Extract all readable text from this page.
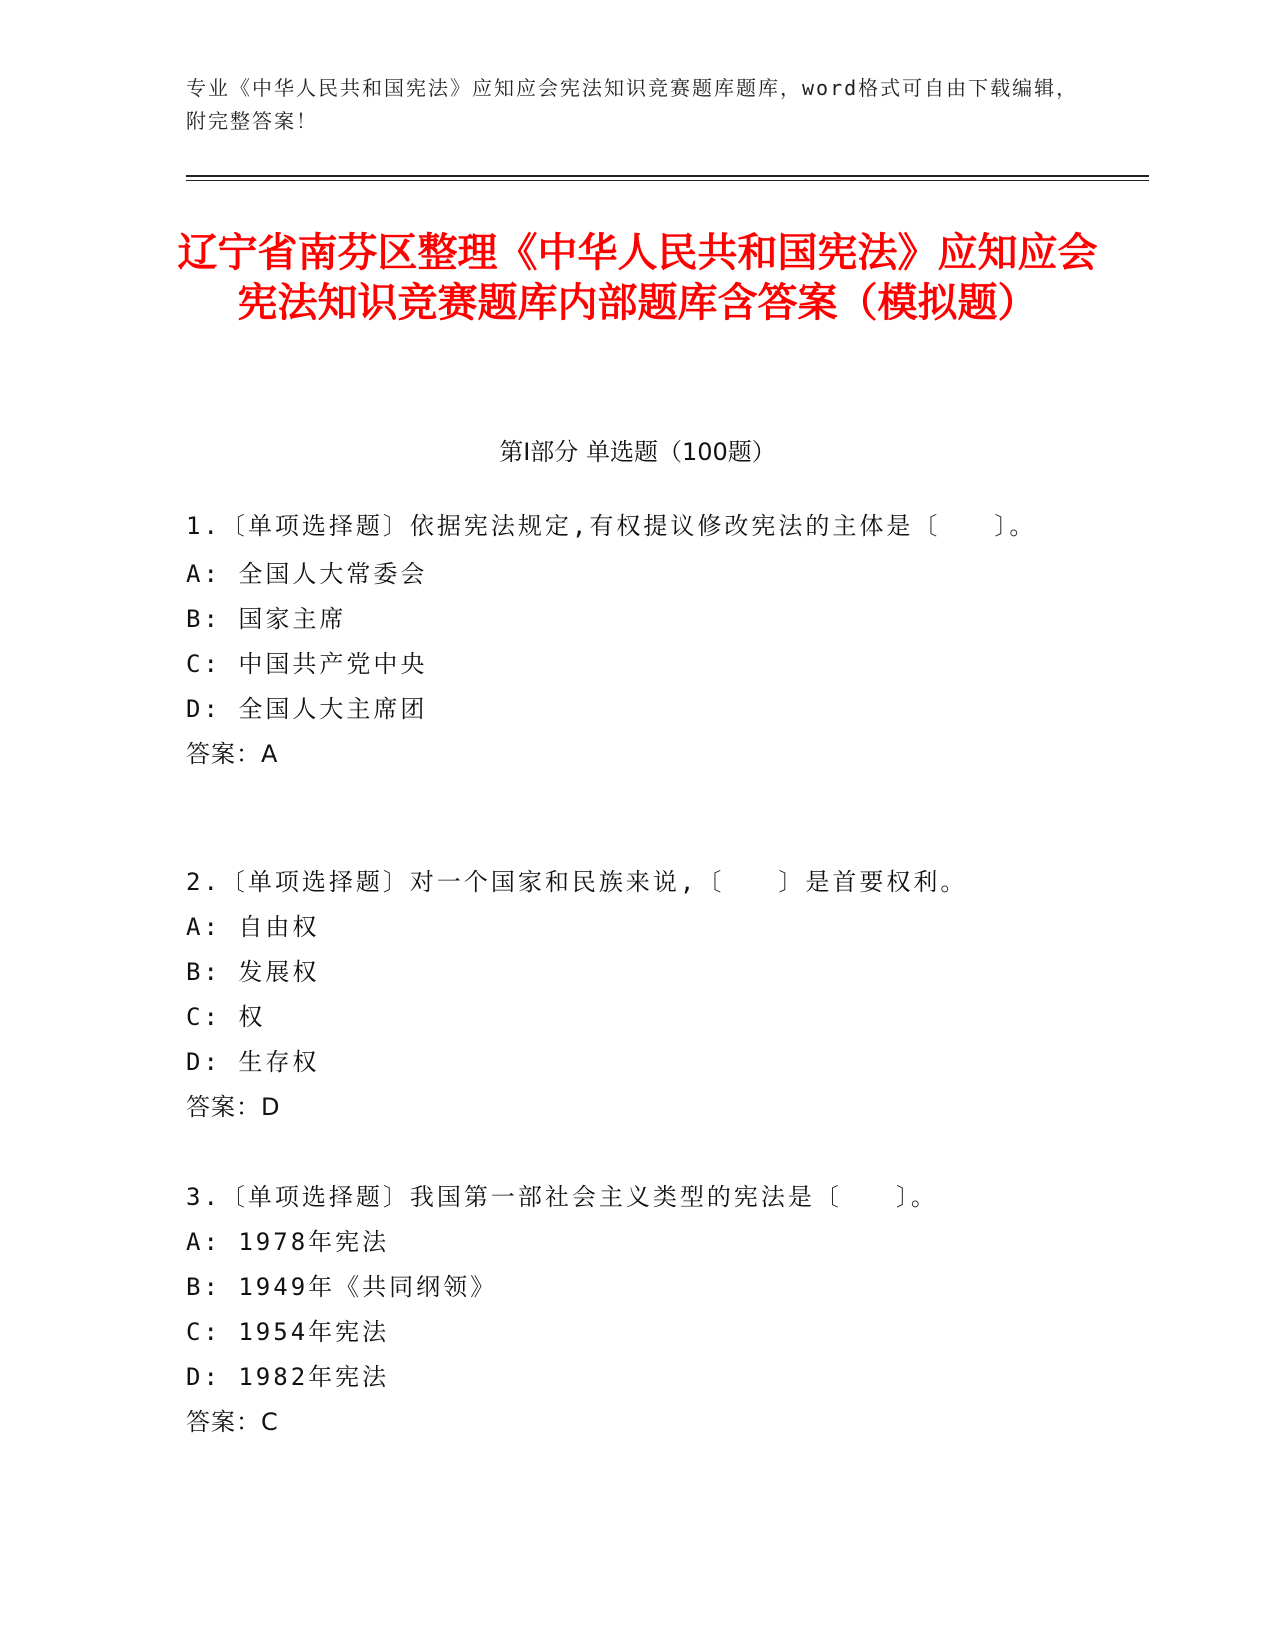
专业《中华人民共和国宪法》应知应会宪法知识竞赛题库题库，word格式可自由下载编辑，附完整答案！
辽宁省南芬区整理《中华人民共和国宪法》应知应会宪法知识竞赛题库内部题库含答案（模拟题）
第Ⅰ部分 单选题（100题）
1.〔单项选择题〕依据宪法规定,有权提议修改宪法的主体是〔　　〕。
A: 全国人大常委会
B: 国家主席
C: 中国共产党中央
D: 全国人大主席团
答案：A
2.〔单项选择题〕对一个国家和民族来说,〔　　〕是首要权利。
A: 自由权
B: 发展权
C: 权
D: 生存权
答案：D
3.〔单项选择题〕我国第一部社会主义类型的宪法是〔　　〕。
A: 1978年宪法
B: 1949年《共同纲领》
C: 1954年宪法
D: 1982年宪法
答案：C
